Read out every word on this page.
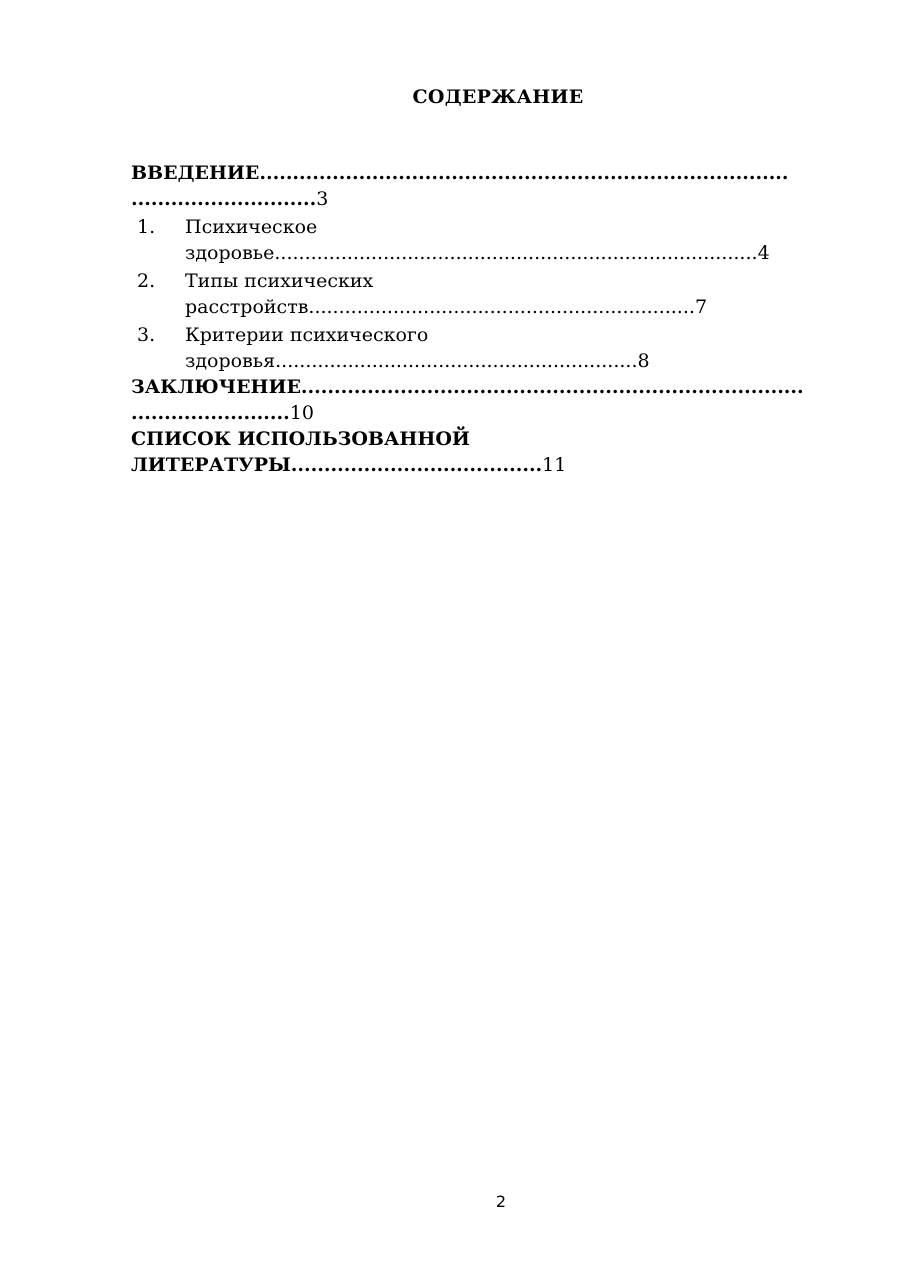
СОДЕРЖАНИЕ
ВВЕДЕНИЕ................................................................................
............................3
1. Психическое
здоровье................................................................................4
2. Типы психических
расстройств................................................................7
3. Критерии психического
здоровья............................................................8
ЗАКЛЮЧЕНИЕ............................................................................
........................10
СПИСОК ИСПОЛЬЗОВАННОЙ
ЛИТЕРАТУРЫ......................................11
2
